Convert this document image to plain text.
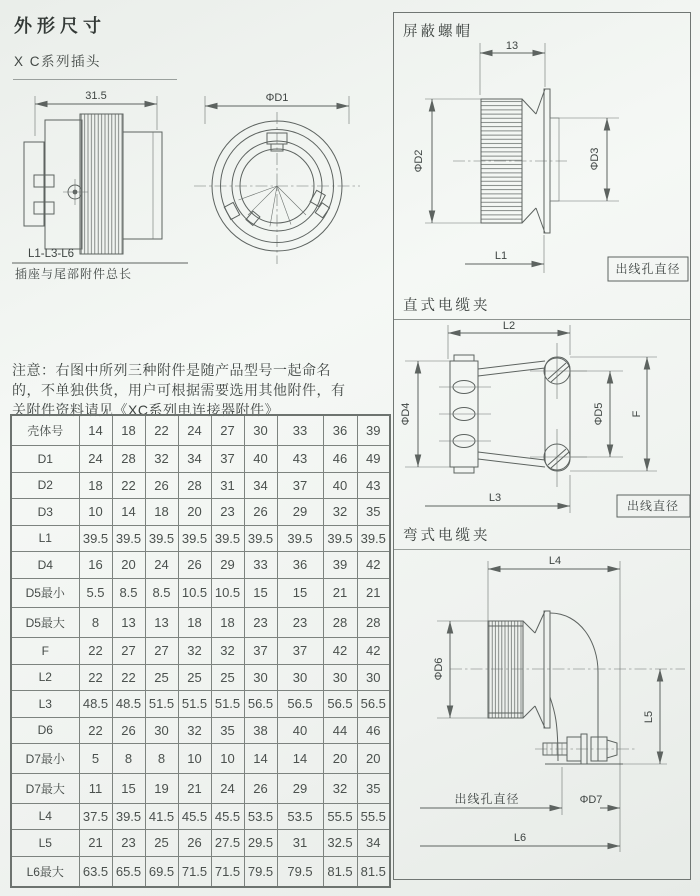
外形尺寸
X C系列插头
31.5
L1-L3-L6
插座与尾部附件总长
ΦD1

注意：右图中所列三种附件是随产品型号一起命名
的，不单独供货，用户可根据需要选用其他附件，有
关附件资料请见《XC系列电连接器附件》

壳体号	14	18	22	24	27	30	33	36	39
D1	24	28	32	34	37	40	43	46	49
D2	18	22	26	28	31	34	37	40	43
D3	10	14	18	20	23	26	29	32	35
L1	39.5	39.5	39.5	39.5	39.5	39.5	39.5	39.5	39.5
D4	16	20	24	26	29	33	36	39	42
D5最小	5.5	8.5	8.5	10.5	10.5	15	15	21	21
D5最大	8	13	13	18	18	23	23	28	28
F	22	27	27	32	32	37	37	42	42
L2	22	22	25	25	25	30	30	30	30
L3	48.5	48.5	51.5	51.5	51.5	56.5	56.5	56.5	56.5
D6	22	26	30	32	35	38	40	44	46
D7最小	5	8	8	10	10	14	14	20	20
D7最大	11	15	19	21	24	26	29	32	35
L4	37.5	39.5	41.5	45.5	45.5	53.5	53.5	55.5	55.5
L5	21	23	25	26	27.5	29.5	31	32.5	34
L6最大	63.5	65.5	69.5	71.5	71.5	79.5	79.5	81.5	81.5
屏蔽螺帽
13
ΦD2	ΦD3
L1
出线孔直径
直式电缆夹
L2
ΦD4	ΦD5 F
L3
出线直径
弯式电缆夹
L4
ΦD6
L5
出线孔直径	ΦD7
L6
